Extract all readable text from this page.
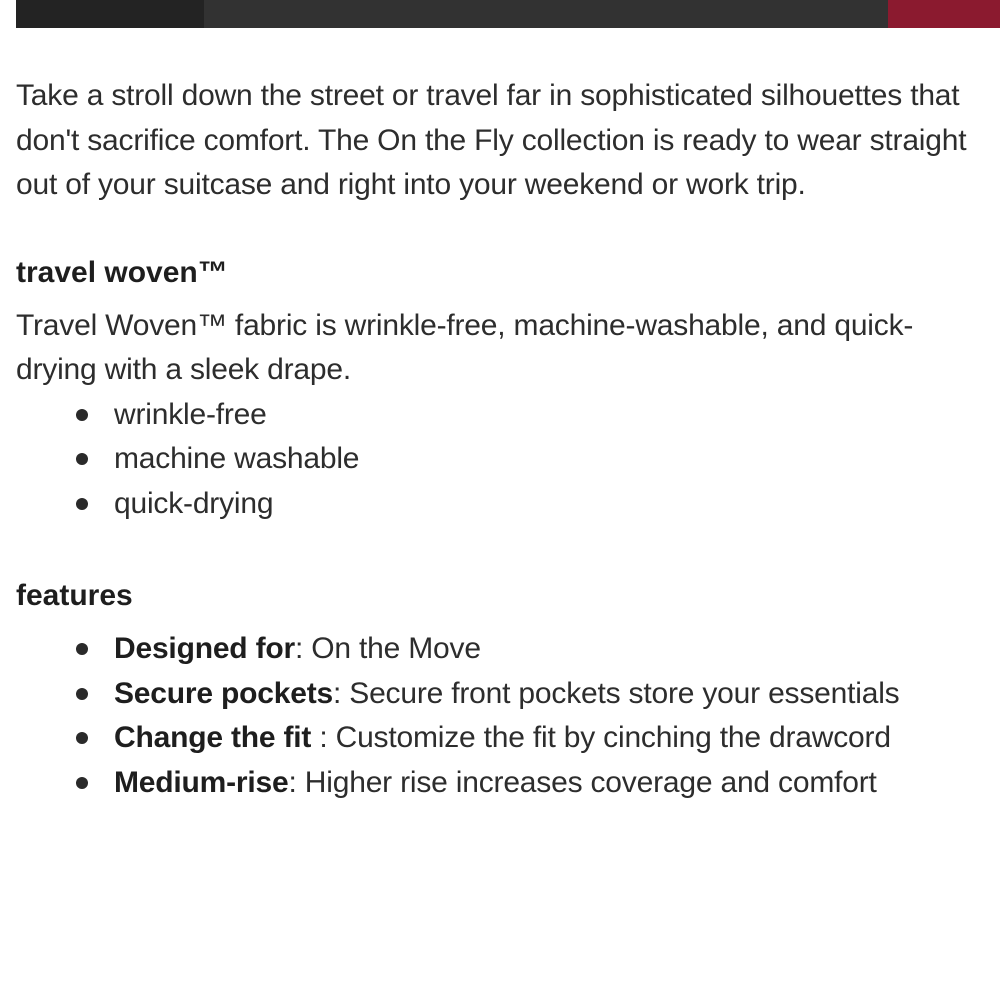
Take a stroll down the street or travel far in sophisticated silhouettes that don't sacrifice comfort. The On the Fly collection is ready to wear straight out of your suitcase and right into your weekend or work trip.

travel woven™

Travel Woven™ fabric is wrinkle-free, machine-washable, and quick-drying with a sleek drape.

wrinkle-free
machine washable
quick-drying
features
Designed for: On the Move
Secure pockets: Secure front pockets store your essentials
Change the fit : Customize the fit by cinching the drawcord
Medium-rise: Higher rise increases coverage and comfort
